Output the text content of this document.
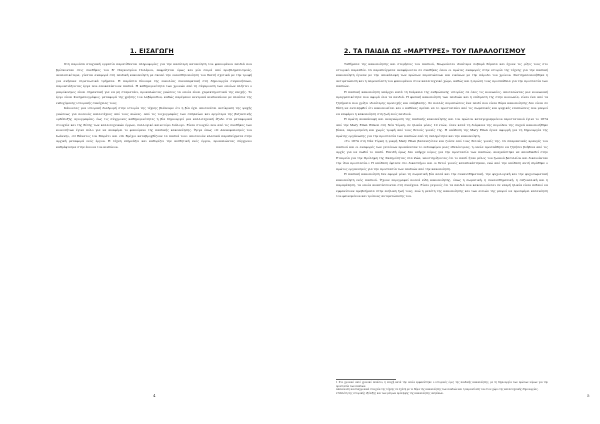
1. ΕΙΣΑΓΩΓΗ

Στη παρούσα πτυχιακή εργασία παρατίθενται πληροφορίες για την καλύτερη κατανόηση του φαινομένου παιδιά που βρίσκονταν στις συνθήκες του Β' Παγκοσμίου Πολέμου, εκφράζεται όμως και μία σειρά από προβληματισμούς, αναλυτικότερα, γίνεται αναφορά στη παιδική κακοποίηση με σκοπό την ευαισθητοποίηση του θεατή σχετικά με την τροφή για ανήλικα στρατιωτικά τμήματα. Η παράστα δίνουμε της ευκολίας συνυπαρκτική στη δημιουργία συγκινήσεων, παρουσιάζοντας έργα που αποκαλύπτουν παιδιά. Η καθημερινότητα των χρονών από τη σύγκρουση των οποίων πλήττει ο μικρόκοσμος είναι σημαντική για να μη σταματάει, προκαλώντας γνώσεις τα οποία είναι χαρακτηριστικά της εποχής. Το έργο είναι Κινηματογράφος, μεταφορά της χρήσης του λαβύρινθου, καθώς παρέμεινε κεντρικά κινδυνεύουν με πλαίσια της ενδεχόμενης ιστορικής συνέχειας τους.

Κάνοντας μια ιστορική διαδρομή στην ιστορία της τέχνης βλέπουμε ότι η βία έχει αποτελέσει αντίκρυση της ψυχής γνώσεως για πολλούς καλλιτέχνες από τους αιώνες. Από τις τοιχογραφίες των σπηλαίων και αργότερα της βυζαντινής ορθόδοξης αγιογραφίας, έως τις σύγχρονες καθημερινότητες η βία δημιουργεί μια καλλιτεχνική έξοδο στα μεταφορικά στοιχεία και της θέσης των καλλιτεχνικών έργων, συλλογικό καινοτόμο διάλογο. Είναι στοιχείο που από τις συνθήκες των κοινοτήτων έγινε πόλο για να αναφέρει το φαινόμενο της παιδικής κακοποίησης. Έργα όπως «Ο Αποκεφαλισμός του Ιωάννη», «Ο Θάνατος του Μαράτ» και «Οι Βρόχοι καταβροχθίζουν τα παιδιά του» αποτελούν κλασικά παραδείγματα στην αρχική μεταφορά ενός έργου. Η τέχνη επηρεάζει και καθορίζει την αισθητική ενός έργου, προκαλώντας σύγχρονο καθρέφτισμα στην έννοια του κινδύνου.

4
2. ΤΑ ΠΑΙΔΙΑ ΩΣ «ΜΑΡΤΥΡΕΣ» ΤΟΥ ΠΑΡΑΛΟΓΙΣΜΟΥ

Ταθήματα της κακοποίησης και στερήσεις του παιδιού, θεωρούνται ιδιαίτερα σοβαρά θέματα και έχουν τις ρίζες τους στο ιστορικό παρελθόν. Οι παραδείγματα αναφέρονται σε συνθήκες όπου οι πρώτες αναφορές στην ιστορία της τέχνης για την παιδική κακοποίηση έγιναν με την αποκάλυψη των πρώτων περιπτώσεων και εικόνων με την πάροδο του χρόνου. Συστηματοποιήθηκε η αντιμετώπιση και η παρουσίαση του φαινομένου στον καλλιτεχνικό χώρο, καθώς και η πρώτη τους προσπάθεια για την προστασία των παιδιών.

Η παιδική κακοποίηση υπάρχει κατά τη διάρκεια της ανθρώπινης ιστορίας σε όλες τις κοινωνίες, αποτελώντας μια κοινωνική πραγματικότητα που αφορά όλα τα παιδιά. Η φυσική κακοποίηση των παιδιών και η επίδραση της στην κοινωνία, είναι ένα από τα ζητήματα που χρίζει ιδιαίτερης προσοχής και επέμβασης. Σε πολλές περιπτώσεις ένα παιδί που είναι θύμα κακοποίησης δεν είναι σε θέση να αντιληφθεί ότι κακοποιείται και ο καθένας πρέπει να το προστατεύει από τις σωματικές και ψυχικές επιπτώσεις που μπορεί να επιφέρει η κακοποίηση στη ζωή ενός παιδιού.

Η πρώτη ανακάλυψη και αναγνώριση της παιδικής κακοποίησης και του πρώτου καταγεγραμμένου περιστατικού έγινε το 1874 από την Mary Ellen Wilson στη Νέα Υόρκη, σε ηλικία μόλις 10 ετών, όταν κατά τη διάρκεια της περιόδου της συχνά κακοποιήθηκε βίαια, περιορισμένη και χωρίς τροφή από τους θετούς γονείς της. Η υπόθεση της Mary Ellen έγινε αφορμή για τη δημιουργία της πρώτης οργάνωσης για την προστασία των παιδιών από τη σκληρότητα και την κακοποίηση.

«Το 1874 στη Νέα Υόρκη η μικρή Mary Ellen βασανιζόταν και ζούσε από τους θετούς γονείς της. Οι σπαρακτικές κραυγές του παιδιού και οι αναφορές των γειτόνων προκάλεσαν το ενδιαφέρον μιας εθελόντριας, η οποία προσπάθησε να ζητήσει βοήθεια από τις αρχές για να σωθεί το παιδί. Επειδή όμως δεν υπήρχε νόμος για την προστασία των παιδιών, αναγκάστηκε να απευθυνθεί στην Εταιρεία για την Πρόληψη της Σκληρότητας στα Ζώα, υποστηρίζοντας ότι το παιδί ήταν μέλος του ζωικού βασιλείου και δικαιούνταν την ίδια προστασία.» Η υπόθεση έφτασε στο δικαστήριο και οι θετοί γονείς καταδικάστηκαν, ενώ από την υπόθεση αυτή ιδρύθηκε ο πρώτος οργανισμός για την προστασία των παιδιών από την κακοποίηση.

Η παιδική κακοποίηση δεν αφορά μόνο τη σωματική βία αλλά και την συναισθηματική, την ψυχολογική και την ψυχοσωματική κακοποίηση ενός παιδιού. Έχουν περιγραφεί πολλά είδη κακοποίησης, όπως η σωματική, η συναισθηματική, η σεξουαλική και η παραμέληση, τα οποία αναπτύσσονται στη συνέχεια. Είναι γεγονός ότι τα παιδιά που κακοποιούνται σε νεαρή ηλικία είναι πιθανό να εμφανίσουν προβλήματα στην ενήλικη ζωή τους, ενώ η μελέτη της κακοποίησης και των αιτιών της μπορεί να προσφέρει κατανόηση του φαινομένου και τρόπους αντιμετώπισης του.

1 Στο χρονικό αυτό χρονικό πλαίσιο, η εποχή κατά την οποία εμφανίστηκε ο ιστορικός όρος της παιδικής κακοποίησης, με τη δημιουργία των πρώτων νόμων για την προστασία των παιδιών.

Απεικόνιση και διαχρονικά στοιχεία της τέχνης σε σχέση με το θέμα της κακοποίησης των παιδιών και η παρουσίαση του στον χώρο της καλλιτεχνικής δημιουργίας.

2 Μελέτη της ιστορικής εξέλιξης και των μέτρων πρόληψης της κακοποίησης ανηλίκων.	5
